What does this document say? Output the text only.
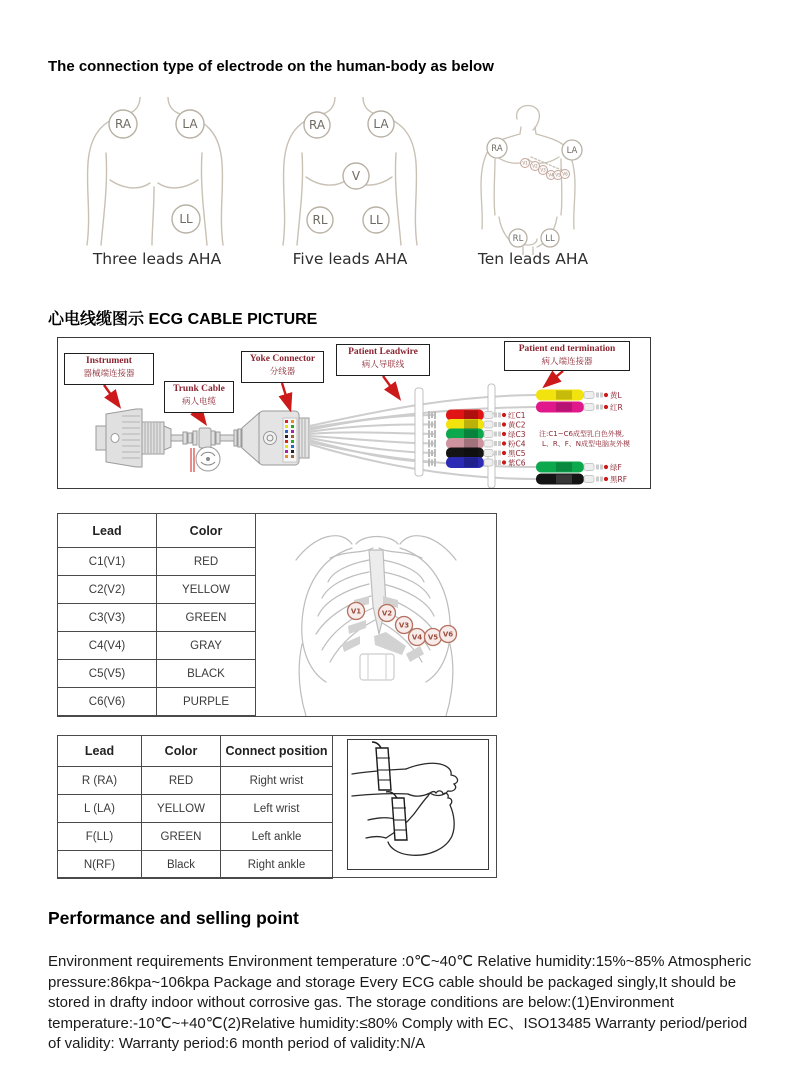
The connection type of electrode on the human-body as below
RA	LA
LL
RA	LA
V
RL	LL
RA	LA
RL	LL
V1
V2
V3
V4 V5 V6
Three leads AHA	Five leads AHA	Ten leads AHA
心电线缆图示 ECG CABLE PICTURE
黄L
红R
红C1
黄C2
绿C3
粉C4
黑C5
紫C6	绿F
黑RF
注:C1~C6成型乳白色外模,
L、R、F、N成型电脑灰外模
Instrument
器械端连接器
Trunk Cable
病人电缆
Yoke Connector
分线器
Patient Leadwire
病人导联线
Patient end termination
病人端连接器
Lead	Color
C1(V1)	RED
C2(V2)	YELLOW
C3(V3)	GREEN
C4(V4)	GRAY
C5(V5)	BLACK
C6(V6)	PURPLE
V1	V2
V3
V4 V5 V6
Lead	Color	Connect position
R (RA)	RED	Right wrist
L (LA)	YELLOW	Left wrist
F(LL)	GREEN	Left ankle
N(RF)	Black	Right ankle
Performance and selling point
Environment requirements Environment temperature :0℃~40℃ Relative humidity:15%~85% Atmospheric pressure:86kpa~106kpa Package and storage Every ECG cable should be packaged singly,It should be stored in drafty indoor without corrosive gas. The storage conditions are below:(1)Environment temperature:-10℃~+40℃(2)Relative humidity:≤80% Comply with EC、ISO13485 Warranty period/period of validity: Warranty period:6 month period of validity:N/A
